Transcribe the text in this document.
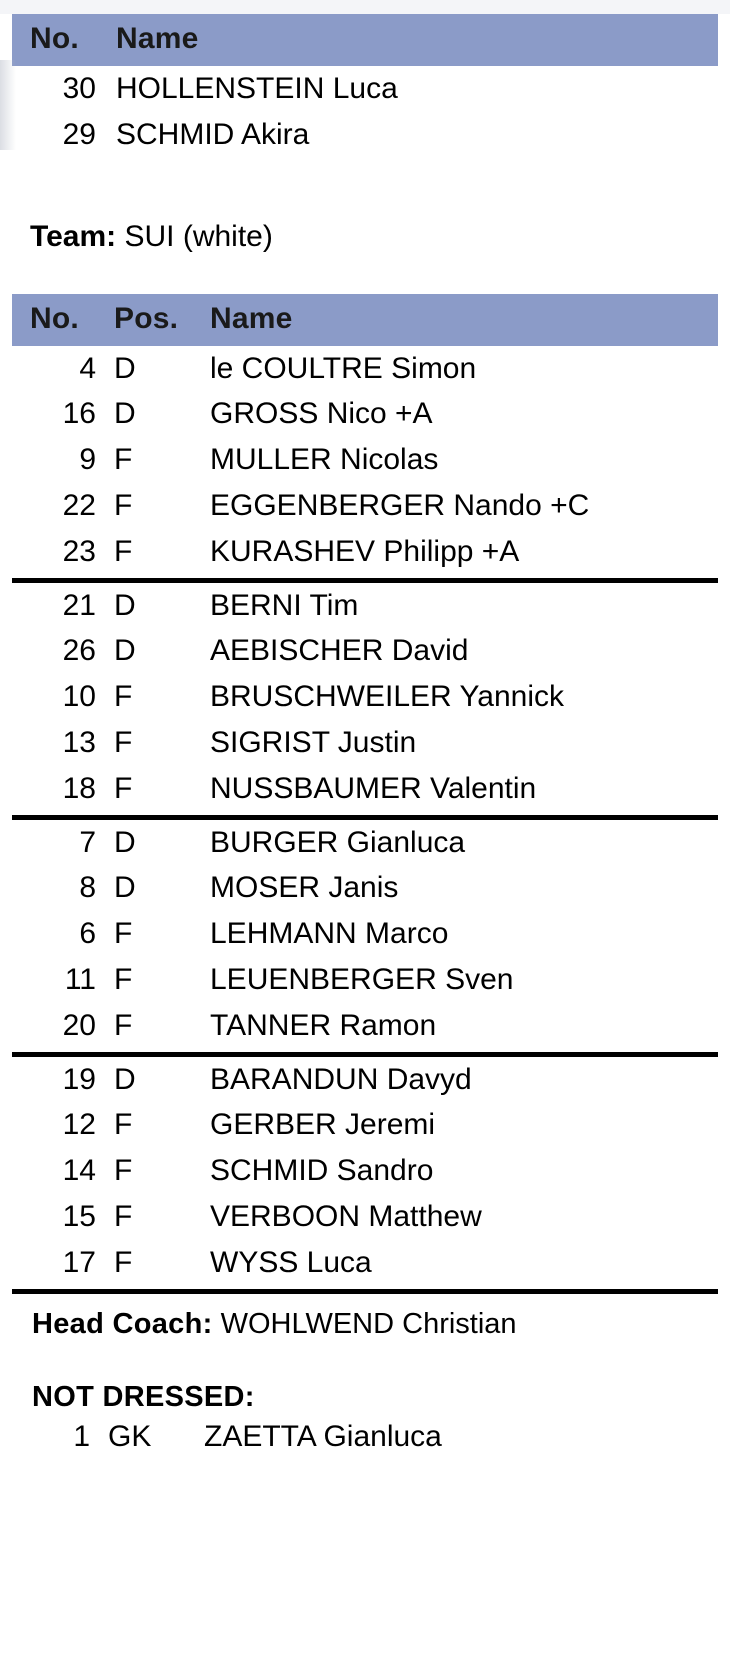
No.	Name
30	HOLLENSTEIN Luca
29	SCHMID Akira
Team: SUI (white)
No.	Pos.	Name
4	D	le COULTRE Simon
16	D	GROSS Nico +A
9	F	MULLER Nicolas
22	F	EGGENBERGER Nando +C
23	F	KURASHEV Philipp +A
21	D	BERNI Tim
26	D	AEBISCHER David
10	F	BRUSCHWEILER Yannick
13	F	SIGRIST Justin
18	F	NUSSBAUMER Valentin
7	D	BURGER Gianluca
8	D	MOSER Janis
6	F	LEHMANN Marco
11	F	LEUENBERGER Sven
20	F	TANNER Ramon
19	D	BARANDUN Davyd
12	F	GERBER Jeremi
14	F	SCHMID Sandro
15	F	VERBOON Matthew
17	F	WYSS Luca
Head Coach: WOHLWEND Christian
NOT DRESSED:
1	GK	ZAETTA Gianluca
